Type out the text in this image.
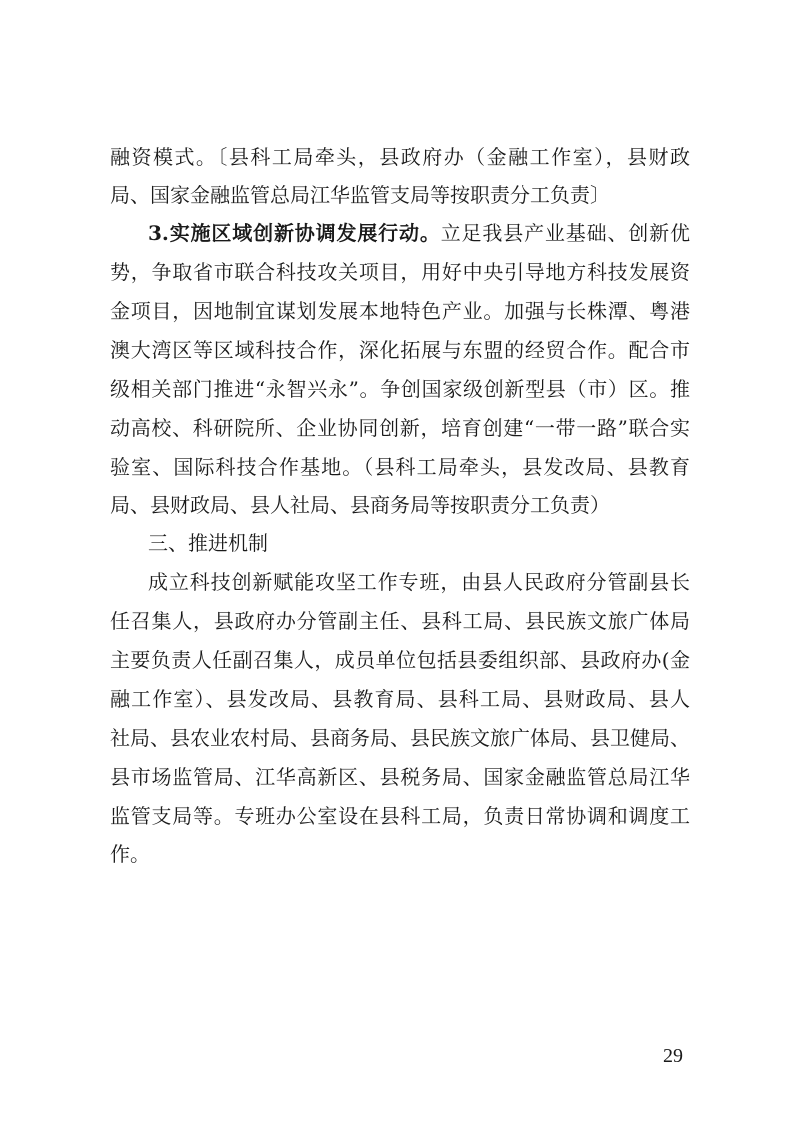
融资模式。〔县科工局牵头，县政府办（金融工作室），县财政
局、国家金融监管总局江华监管支局等按职责分工负责〕
3.实施区域创新协调发展行动。立足我县产业基础、创新优
势，争取省市联合科技攻关项目，用好中央引导地方科技发展资
金项目，因地制宜谋划发展本地特色产业。加强与长株潭、粤港
澳大湾区等区域科技合作，深化拓展与东盟的经贸合作。配合市
级相关部门推进“永智兴永”。争创国家级创新型县（市）区。推
动高校、科研院所、企业协同创新，培育创建“一带一路”联合实
验室、国际科技合作基地。（县科工局牵头，县发改局、县教育
局、县财政局、县人社局、县商务局等按职责分工负责）
三、推进机制
成立科技创新赋能攻坚工作专班，由县人民政府分管副县长
任召集人，县政府办分管副主任、县科工局、县民族文旅广体局
主要负责人任副召集人，成员单位包括县委组织部、县政府办(金
融工作室）、县发改局、县教育局、县科工局、县财政局、县人
社局、县农业农村局、县商务局、县民族文旅广体局、县卫健局、
县市场监管局、江华高新区、县税务局、国家金融监管总局江华
监管支局等。专班办公室设在县科工局，负责日常协调和调度工
作。
29
